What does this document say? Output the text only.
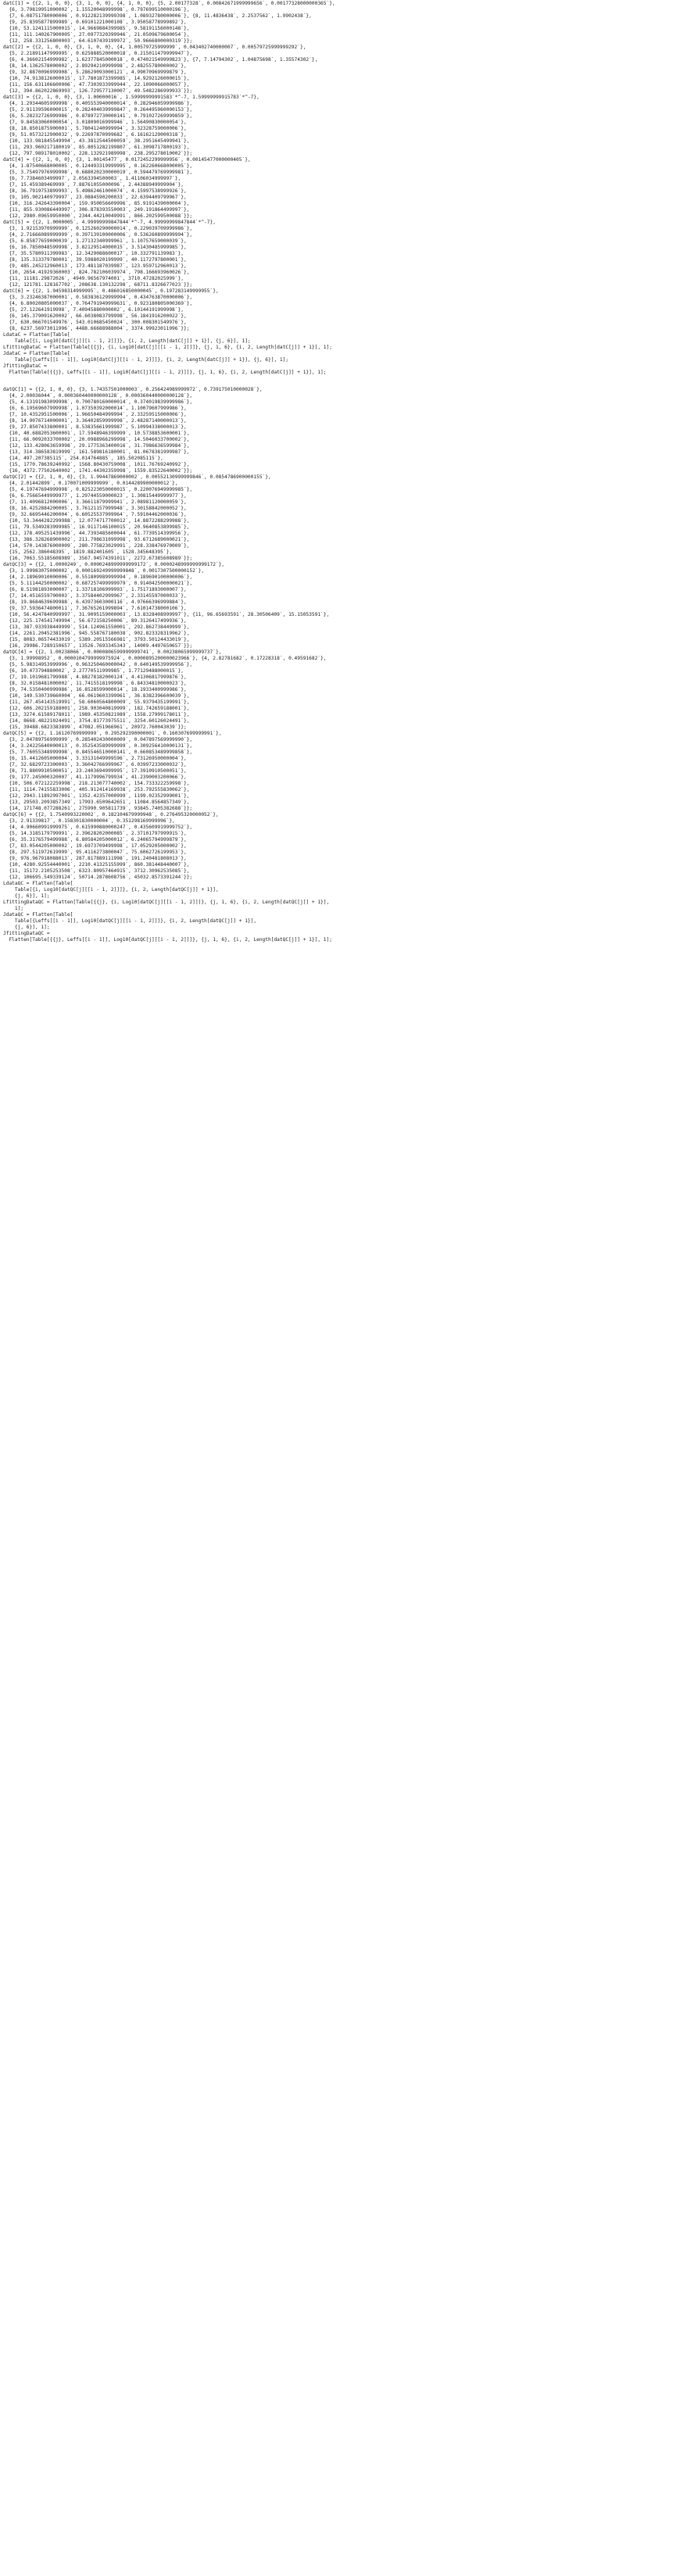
datC[1] = {{2, 1, 0, 0}, {3, 1, 0, 0}, {4, 1, 0, 0}, {5, 2.00177328`, 0.00842671999999656`, 0.00177328000000365`},
{6, 3.79819951000002`, 1.15520048999998`, 0.797699510000196`},
{7, 6.08751780000006`, 0.912282139999398`, 1.08932780000006`}, {8, 11.4836438`, 2.2537562`, 1.9902438`},
{9, 25.8395877899989`, 0.69101221000108`, 3.95058778999892`},
{10, 53.1241115000015`, 14.9669884399985`, 9.58191156000148`},
{11, 111.140267900005`, 27.0977320399946`, 21.0509679600054`},
{12, 258.331256800003`, 64.6107439199972`, 50.9666800000319`}};
datC[2] = {{2, 1, 0, 0}, {3, 1, 0, 0}, {4, 1.00579725999999`, 0.043402740000007`, 0.00579725999999292`},
{5, 2.21891147999995`, 0.625888520000018`, 0.215011479999947`},
{6, 4.36602154999982`, 1.62377845000018`, 0.474021549999823`}, {7, 7.14794302`, 1.04875698`, 1.35574302`},
{8, 14.1362578000002`, 2.89294210999998`, 2.48255780000002`},
{9, 32.8870096999908`, 5.28629093000121`, 4.99070969999879`},
{10, 74.9138126000015`, 17.7801873399985`, 14.9292126000015`},
{11, 156.631106600006`, 47.7303933999944`, 22.1090066000057`},
{12, 394.862022869993`, 126.729577130007`, 49.5482286999933`}};
datC[3] = {{2, 1, 0, 0}, {3, 1.00000016`, 1.59999999991583`*^-7, 1.59999999915783`*^-7},
{4, 1.29344605999998`, 0.405553940000014`, 0.282946059999986`},
{5, 2.91139596000015`, 0.282404039999847`, 0.264495960000153`},
{6, 5.28232726999986`, 0.878972730000141`, 0.791027269999859`},
{7, 9.84583060000054`, 3.01809016999946`, 1.56490830000054`},
{8, 18.8501875900001`, 5.78041240999994`, 3.32328759000006`},
{9, 51.0573212900032`, 9.22697870999682`, 6.16162129000318`},
{10, 133.981845549994`, 43.3812544500059`, 38.2951645499941`},
{11, 293.960217180019`, 85.8051282199807`, 61.3098717800193`},
{12, 797.989178010002`, 228.132921989998`, 238.295278010002`}};
datC[4] = {{2, 1, 0, 0}, {3, 1.00145477`, 0.0172452299999956`, 0.00145477000000405`},
{4, 1.87540668000005`, 0.124493319999995`, 0.162260668000005`},
{5, 3.75497976999998`, 0.688020230000019`, 0.594479769999981`},
{6, 7.7384603499997`, 2.0563394500003`, 1.41106034999997`},
{7, 15.459389469999`, 7.88761055000096`, 2.44388949999904`},
{8, 36.7919753899993`, 5.49862461000074`, 4.15997538999926`},
{9, 105.902140979997`, 23.0884590200033`, 22.6394409799967`},
{10, 316.242643390004`, 159.950056609996`, 85.9191439000004`},
{11, 855.930086449997`, 306.878393550003`, 249.191864499997`},
{12, 2980.09659950000`, 2344.44210049991`, 866.202599500088`}};
datC[5] = {{2, 1.0000005`, 4.99999999847844`*^-7, 4.99999999847844`*^-7},
{3, 1.92153970999999`, 0.125260290000014`, 0.229039709999986`},
{4, 2.71666089999999`, 0.397139100000006`, 0.536260899999994`},
{5, 6.85877659000039`, 1.27132340999961`, 1.10757659000039`},
{6, 16.7850048599998`, 3.82129514000015`, 3.51430485999985`},
{7, 35.5780911399983`, 12.3429088600017`, 10.332791139983`},
{8, 135.313379780001`, 39.5988020199999`, 40.1172797800001`},
{9, 485.245212960013`, 173.481187039987`, 123.959712960013`},
{10, 2654.41929360003`, 824.782106039974`, 798.166693960026`},
{11, 11181.29872026`, 4949.96567974001`, 3710.47282025999`},
{12, 121781.128167702`, 208638.130132298`, 68711.8326677023`}};
datC[6] = {{2, 1.94598314999995`, 0.486016850000045`, 0.197283149999955`},
{3, 3.23246387000001`, 0.583836129999994`, 0.434763870000006`},
{4, 6.80020805000037`, 0.764791949999631`, 0.923180805000369`},
{5, 27.122641919998`, 7.40945880000002`, 6.10144191999998`},
{6, 145.379091620002`, 66.6038083799998`, 56.1841916200022`},
{7, 630.066701549976`, 543.010685450024`, 300.008301549976`},
{8, 6237.56973011996`, 4488.66688988004`, 3374.99923011996`}};
LdataC = Flatten[Table[
Table[{i, Log10[datC[j][[i - 1, 2]]]}, {i, 2, Length[datC[j]] + 1}], {j, 6}], 1];
LfittingDataC = Flatten[Table[{{j}, {i, Log10[datC[j][[i - 1, 2]]]}, {j, 1, 6}, {i, 2, Length[datC[j]] + 1}], 1];
JdataC = Flatten[Table[
Table[{Leffs[[i - 1]], Log10[datC[j][[i - 1, 2]]]}, {i, 2, Length[datC[j]] + 1}], {j, 6}], 1];
JfittingDataC =
Flatten[Table[{{j}, Leffs[[i - 1]], Log10[datC[j][[i - 1, 2]]]}, {j, 1, 6}, {i, 2, Length[datC[j]] + 1}], 1];
datQC[1] = {{2, 1, 0, 0}, {3, 1.74357501000003`, 0.256424989999972`, 0.739175010000028`},
{4, 2.00036044`, 0.000360440000000128`, 0.000360440000000128`},
{5, 4.13191983099998`, 0.700780160000014`, 0.374019839999986`},
{6, 6.19569607999998`, 1.07350392000014`, 1.10079607999986`},
{7, 10.4352951500006`, 1.96650484999994`, 2.33259515000006`},
{8, 14.9076714000001`, 3.36402859999998`, 2.48287140000013`},
{9, 27.8507433800001`, 8.53835661999987`, 5.10994338000013`},
{10, 40.6882053600001`, 17.5948946399999`, 10.5738853600001`},
{11, 66.0092033700002`, 20.0988966299998`, 14.5046033700002`},
{12, 133.428063659998`, 29.1775363400016`, 31.7986636599984`},
{13, 314.386583819999`, 161.589816180001`, 81.0678381999987`},
{14, 497.207385115`, 254.014764885`, 185.502085115`},
{15, 1770.78639240992`, 1568.80430759008`, 1011.76769240992`},
{16, 4372.77502640002`, 1741.44302359998`, 1559.83522640002`}};
datQC[2] = {{2, 1, 0, 0}, {3, 1.99447869000002`, 0.00552130999999846`, 0.0854786900000155`},
{4, 2.01442899`, 0.170071009999999`, 0.0144289900000012`},
{5, 4.19747694999998`, 0.825223050000015`, 0.220076949999985`},
{6, 6.75665449999977`, 1.29744559000023`, 1.30815449999977`},
{7, 11.4096812000006`, 3.36611879999941`, 2.08981120000059`},
{8, 16.4252884200005`, 3.76121157999948`, 3.30158842000052`},
{9, 32.6695446200004`, 6.60525537999964`, 7.59104462000036`},
{10, 53.3444282299988`, 12.0774717700012`, 14.8872288299988`},
{11, 79.5349283999985`, 16.9117146100015`, 20.9640853899985`},
{12, 178.495251439996`, 44.7393485600044`, 61.7739514399956`},
{13, 386.328268900002`, 211.798631099998`, 93.6712689000021`},
{14, 570.143876000009`, 280.775823029991`, 228.338476970009`},
{15, 2562.386048395`, 1819.882401605`, 1528.345648395`},
{16, 7063.55185608989`, 3567.94574391011`, 2272.67385608989`}};
datQC[3] = {{2, 1.0000249`, 0.0000248999999999172`, 0.0000248999999999172`},
{3, 1.99983075000002`, 0.000169249999999848`, 0.0017307500000152`},
{4, 2.18969010000006`, 0.551809989999994`, 0.189690100000006`},
{5, 5.11144250000002`, 0.687257499999979`, 0.914042500000021`},
{6, 8.51981893000007`, 1.33718106999993`, 1.75171893000007`},
{7, 14.4516559700003`, 3.37584402999967`, 2.33145597000033`},
{8, 19.8684639699988`, 6.43973603000116`, 4.97666396999884`},
{9, 37.5936474800011`, 7.36765261999894`, 7.61014738000106`},
{10, 56.4247840999997`, 31.9095159000003`, 13.8328408999997`}, {11, 96.65693591`, 28.30506409`, 15.15053591`},
{12, 225.174541749994`, 56.672158250006`, 89.3126417499936`},
{13, 387.933938449999`, 514.124961550001`, 292.862738449999`},
{14, 2261.20452381996`, 945.558767180038`, 902.823328319962`},
{15, 8083.06574433019`, 5389.20515566981`, 3793.50124433019`},
{16, 29986.7289150657`, 13526.7693345343`, 14009.4497650657`}};
datQC[4] = {{2, 1.00238066`, 0.0000806599999999741`, 0.00238065999999737`},
{3, 1.99998952`, 0.0000104799999975924`, 0.0000895200000023966`}, {4, 2.82781682`, 0.17228318`, 0.49591682`},
{5, 5.98314953999996`, 0.963250460000042`, 0.640149539999956`},
{6, 10.473794880002`, 2.27770511999985`, 1.77129488000015`},
{7, 19.1019681799988`, 4.88278182000124`, 4.41306817999876`},
{8, 32.0158481000002`, 11.7415518199998`, 6.84334810000023`},
{9, 74.5350400999986`, 16.8528599000014`, 18.1933400999986`},
{10, 149.530739660004`, 66.0619603399961`, 36.8382396600039`},
{11, 267.454143519991`, 58.6060564800009`, 55.9379435199991`},
{12, 606.202159188001`, 258.903040819999`, 182.742659188001`},
{13, 3274.61589178011`, 1989.45350821989`, 1558.27999178011`},
{14, 8668.48221024491`, 3754.81773975511`, 3254.60126024491`},
{15, 39488.6823383899`, 47082.051966961`, 20972.760043039`}};
datQC[5] = {{2, 1.16120769999999`, 0.295292390000001`, 0.160307699999991`},
{3, 2.04789756999999`, 0.285402430000009`, 0.047897569999990`},
{4, 3.24225640000013`, 0.352543589999999`, 0.309256410000131`},
{5, 7.76055348999998`, 0.845546510000141`, 0.660853489999858`},
{6, 15.4412605000004`, 3.33131049999596`, 2.73126950000004`},
{7, 32.6829723300003`, 3.36042766999967`, 6.03997233000032`},
{8, 71.8809910500051`, 23.2403694999995`, 17.3910910500051`},
{9, 177.245000320007`, 41.1179996799934`, 41.2390003200066`},
{10, 506.072122259998`, 218.213077740002`, 154.733322259998`},
{11, 1114.74155833006`, 405.912414169938`, 253.792555830062`},
{12, 2943.11892997001`, 1352.42357000999`, 1199.02352999001`},
{13, 29503.2093857349`, 17993.6509642651`, 11084.8564857349`},
{14, 171748.077288261`, 275990.905811739`, 93845.7405382688`}};
datQC[6] = {{2, 1.7540993220002`, 0.182104679999948`, 0.276495320000052`},
{3, 2.91339817`, 0.158301830000004`, 0.351298169999996`},
{4, 4.90660991999975`, 0.615990880000247`, 0.435609919999752`},
{5, 14.3185179799991`, 2.39628202000085`, 2.37101797999915`},
{6, 35.3176579499988`, 6.80584205000012`, 6.24065794999879`},
{7, 83.0544205000002`, 19.6973709499998`, 17.0529205000002`},
{8, 297.511972619999`, 95.4116273800047`, 75.6062726199953`},
{9, 976.967918088013`, 287.817889111998`, 191.240481808013`},
{10, 4280.92554440001`, 2210.41325155999`, 860.381448440007`},
{11, 15172.2105253508`, 6323.80957464915`, 3712.30962535085`},
{12, 106695.549339124`, 50714.2878608756`, 45032.8573391244`}};
LdataQC = Flatten[Table[
Table[{i, Log10[datQC[j][[i - 1, 2]]]}, {i, 2, Length[datQC[j]] + 1}],
{j, 6}], 1];
LfittingDataQC = Flatten[Table[{{j}, {i, Log10[datQC[j][[i - 1, 2]]]}, {j, 1, 6}, {i, 2, Length[datQC[j]] + 1}],
1];
JdataQC = Flatten[Table[
Table[{Leffs[[i - 1]], Log10[datQC[j][[i - 1, 2]]]}, {i, 2, Length[datQC[j]] + 1}],
{j, 6}], 1];
JfittingDataQC =
Flatten[Table[{{j}, Leffs[[i - 1]], Log10[datQC[j][[i - 1, 2]]]}, {j, 1, 6}, {i, 2, Length[datQC[j]] + 1}], 1];
